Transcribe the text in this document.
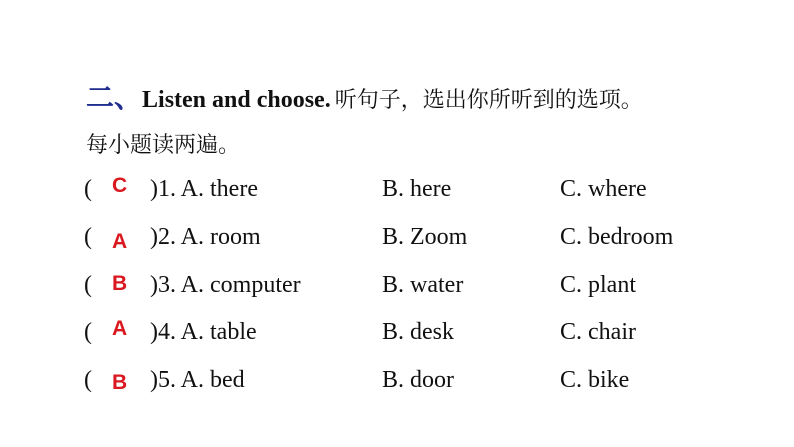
二、Listen and choose. 听句子，选出你所听到的选项。
每小题读两遍。
( C )1. A. there	B. here	C. where
( A )2. A. room	B. Zoom	C. bedroom
( B )3. A. computer	B. water	C. plant
( A )4. A. table	B. desk	C. chair
( B )5. A. bed	B. door	C. bike
